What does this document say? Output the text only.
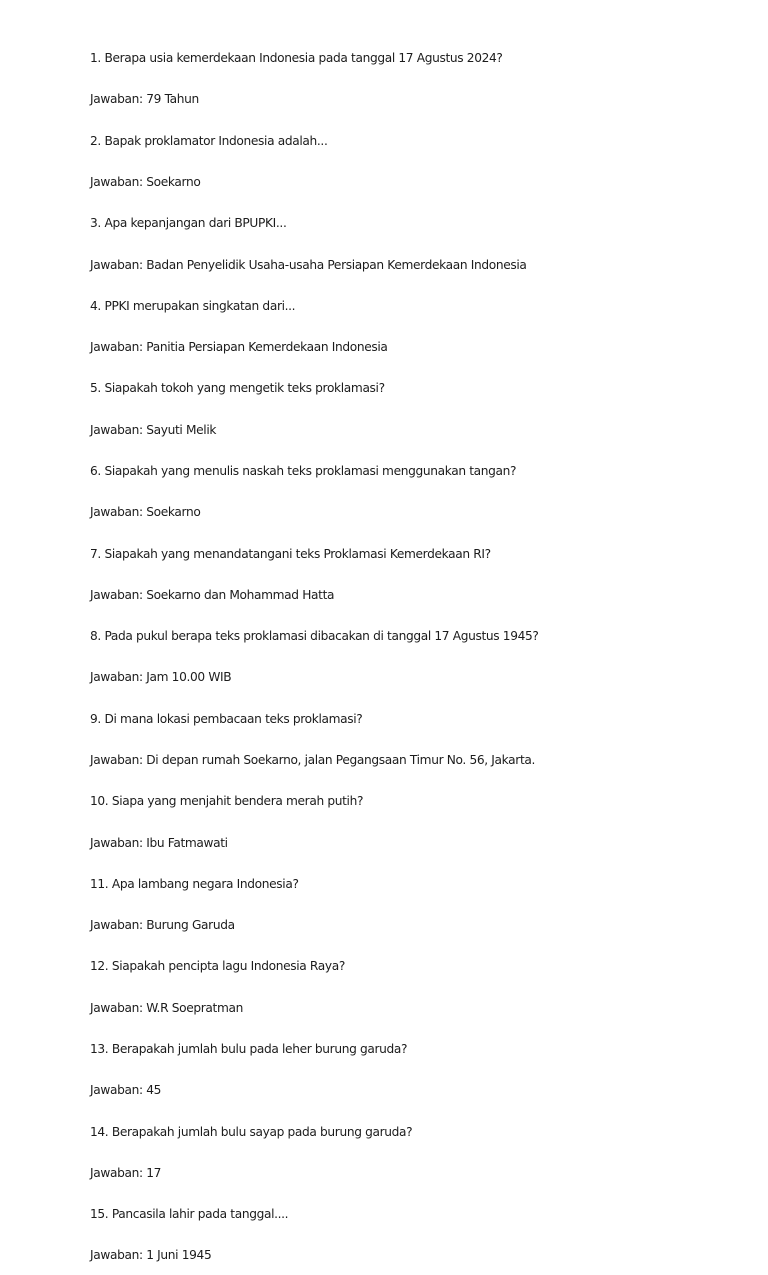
1. Berapa usia kemerdekaan Indonesia pada tanggal 17 Agustus 2024?

Jawaban: 79 Tahun

2. Bapak proklamator Indonesia adalah...

Jawaban: Soekarno

3. Apa kepanjangan dari BPUPKI...

Jawaban: Badan Penyelidik Usaha-usaha Persiapan Kemerdekaan Indonesia

4. PPKI merupakan singkatan dari...

Jawaban: Panitia Persiapan Kemerdekaan Indonesia

5. Siapakah tokoh yang mengetik teks proklamasi?

Jawaban: Sayuti Melik

6. Siapakah yang menulis naskah teks proklamasi menggunakan tangan?

Jawaban: Soekarno

7. Siapakah yang menandatangani teks Proklamasi Kemerdekaan RI?

Jawaban: Soekarno dan Mohammad Hatta

8. Pada pukul berapa teks proklamasi dibacakan di tanggal 17 Agustus 1945?

Jawaban: Jam 10.00 WIB

9. Di mana lokasi pembacaan teks proklamasi?

Jawaban: Di depan rumah Soekarno, jalan Pegangsaan Timur No. 56, Jakarta.

10. Siapa yang menjahit bendera merah putih?

Jawaban: Ibu Fatmawati

11. Apa lambang negara Indonesia?

Jawaban: Burung Garuda

12. Siapakah pencipta lagu Indonesia Raya?

Jawaban: W.R Soepratman

13. Berapakah jumlah bulu pada leher burung garuda?

Jawaban: 45

14. Berapakah jumlah bulu sayap pada burung garuda?

Jawaban: 17

15. Pancasila lahir pada tanggal....

Jawaban: 1 Juni 1945
